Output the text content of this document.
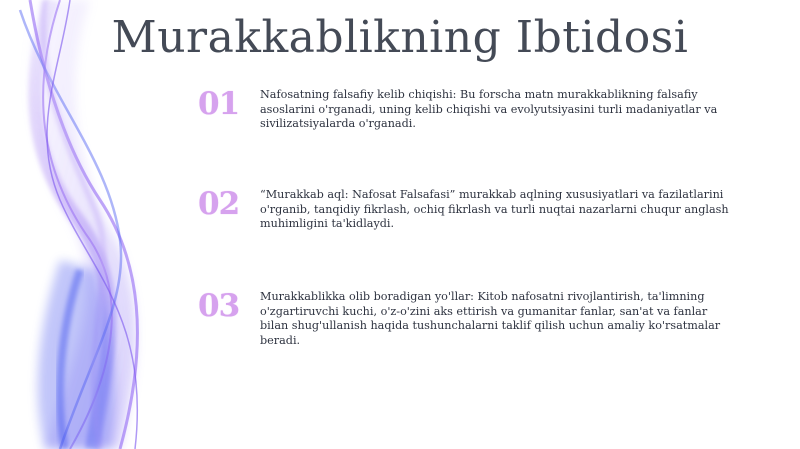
Murakkablikning Ibtidosi
01	Nafosatning falsafiy kelib chiqishi: Bu forscha matn murakkablikning falsafiy asoslarini o'rganadi, uning kelib chiqishi va evolyutsiyasini turli madaniyatlar va sivilizatsiyalarda o'rganadi.

02	“Murakkab aql: Nafosat Falsafasi” murakkab aqlning xususiyatlari va fazilatlarini o'rganib, tanqidiy fikrlash, ochiq fikrlash va turli nuqtai nazarlarni chuqur anglash muhimligini ta'kidlaydi.

03	Murakkablikka olib boradigan yo'llar: Kitob nafosatni rivojlantirish, ta'limning o'zgartiruvchi kuchi, o'z-o'zini aks ettirish va gumanitar fanlar, san'at va fanlar bilan shug'ullanish haqida tushunchalarni taklif qilish uchun amaliy ko'rsatmalar beradi.
